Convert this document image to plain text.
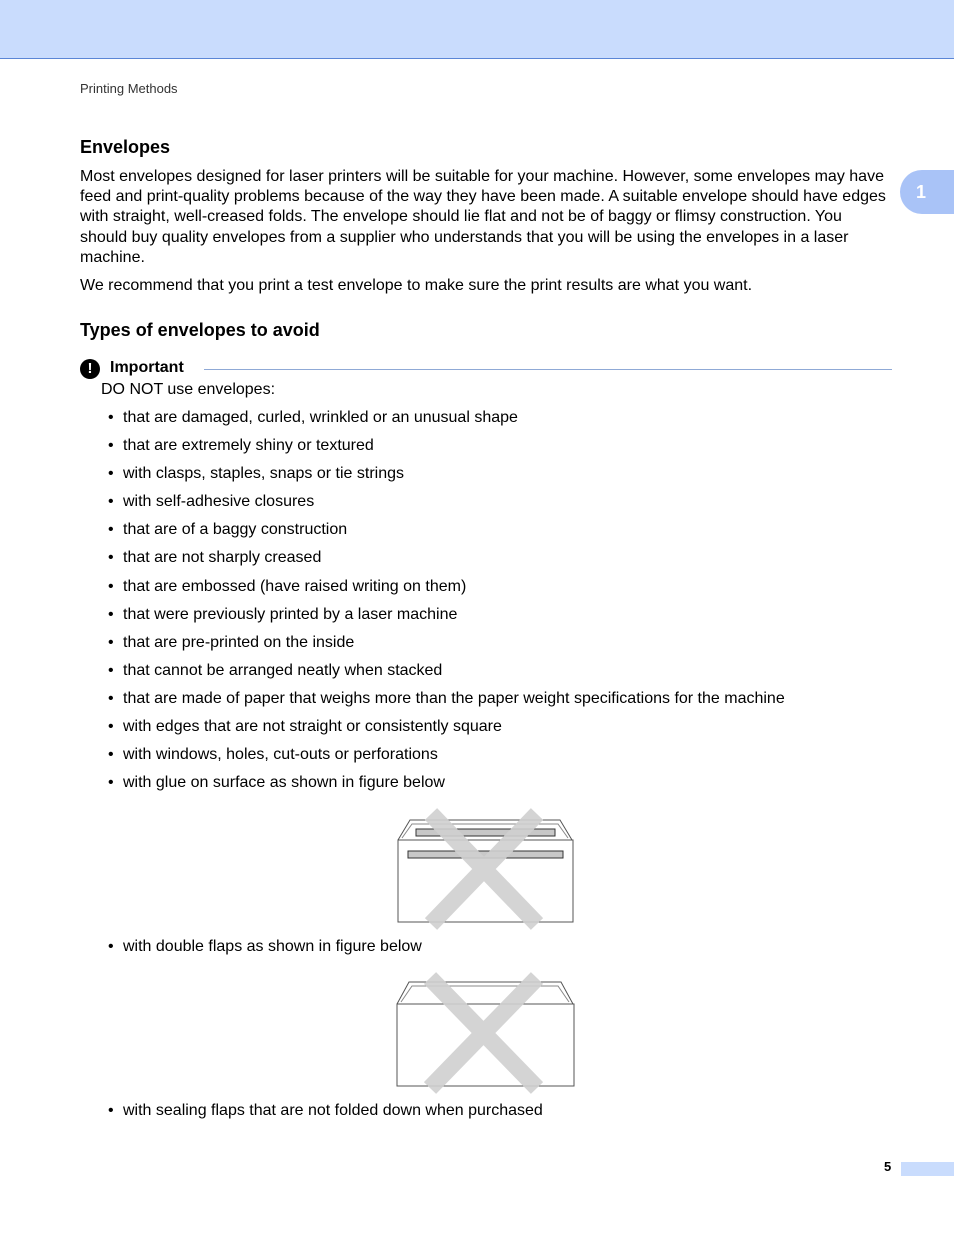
Printing Methods
1
Envelopes

Most envelopes designed for laser printers will be suitable for your machine. However, some envelopes may have feed and print-quality problems because of the way they have been made. A suitable envelope should have edges with straight, well-creased folds. The envelope should lie flat and not be of baggy or flimsy construction. You should buy quality envelopes from a supplier who understands that you will be using the envelopes in a laser machine.

We recommend that you print a test envelope to make sure the print results are what you want.

Types of envelopes to avoid
!	Important
DO NOT use envelopes:
• that are damaged, curled, wrinkled or an unusual shape
• that are extremely shiny or textured
• with clasps, staples, snaps or tie strings
• with self-adhesive closures
• that are of a baggy construction
• that are not sharply creased
• that are embossed (have raised writing on them)
• that were previously printed by a laser machine
• that are pre-printed on the inside
• that cannot be arranged neatly when stacked
• that are made of paper that weighs more than the paper weight specifications for the machine
• with edges that are not straight or consistently square
• with windows, holes, cut-outs or perforations
• with glue on surface as shown in figure below
• with double flaps as shown in figure below
• with sealing flaps that are not folded down when purchased
5
